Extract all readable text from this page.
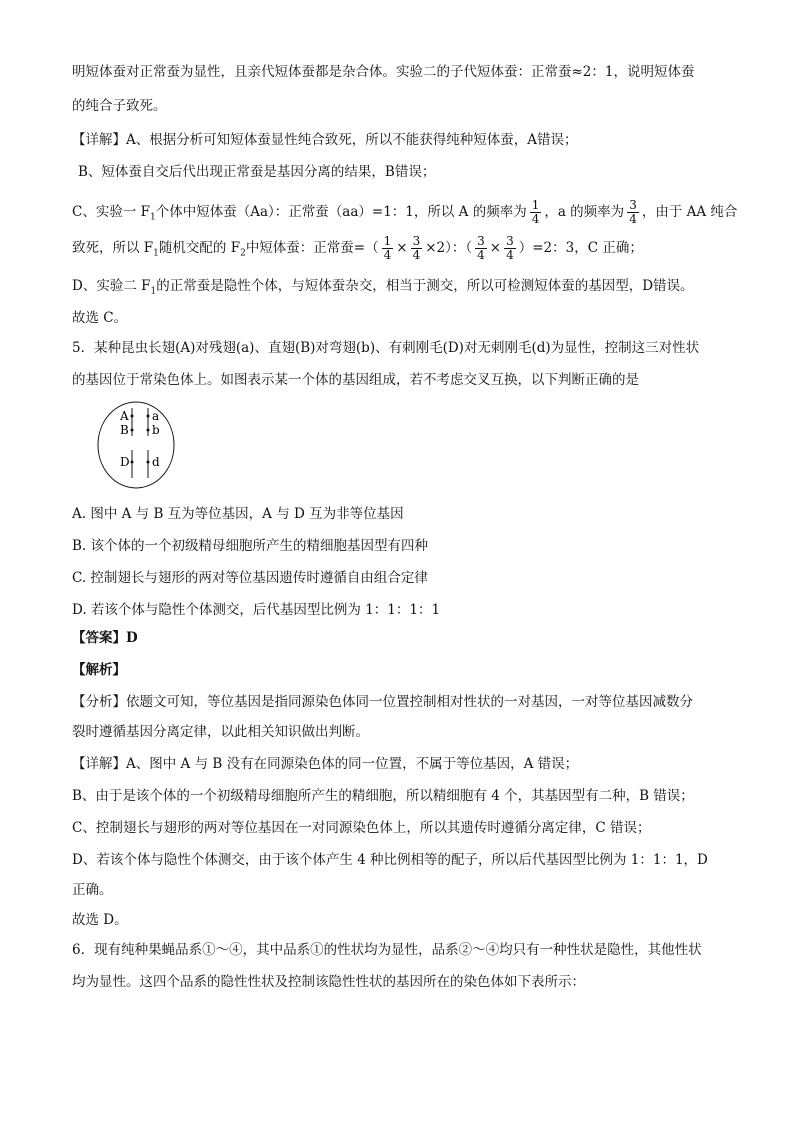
明短体蚕对正常蚕为显性，且亲代短体蚕都是杂合体。实验二的子代短体蚕：正常蚕≈2：1，说明短体蚕
的纯合子致死。
【详解】A、根据分析可知短体蚕显性纯合致死，所以不能获得纯种短体蚕，A错误；
B、短体蚕自交后代出现正常蚕是基因分离的结果，B错误；
C、实验一 $F_1$个体中短体蚕（Aa）：正常蚕（aa）=1：1，所以 A 的频率为 $\frac{1}{4}$ ，a 的频率为 $\frac{3}{4}$ ，由于 AA 纯合
致死，所以 $F_1$随机交配的 $F_2$中短体蚕：正常蚕=（ $\frac{1}{4} \times \frac{3}{4} \times 2$）：（ $\frac{3}{4} \times \frac{3}{4} )=2$：3，C 正确；
D、实验二 $F_1$的正常蚕是隐性个体，与短体蚕杂交，相当于测交，所以可检测短体蚕的基因型，D错误。
故选 C。
5．某种昆虫长翅(A)对残翅(a)、直翅(B)对弯翅(b)、有刺刚毛(D)对无刺刚毛(d)为显性，控制这三对性状
的基因位于常染色体上。如图表示某一个体的基因组成，若不考虑交叉互换，以下判断正确的是
A
B
D
a
b
d
A. 图中 A 与 B 互为等位基因，A 与 D 互为非等位基因
B. 该个体的一个初级精母细胞所产生的精细胞基因型有四种
C. 控制翅长与翅形的两对等位基因遗传时遵循自由组合定律
D. 若该个体与隐性个体测交，后代基因型比例为 1：1：1：1
【答案】D
【解析】
【分析】依题文可知，等位基因是指同源染色体同一位置控制相对性状的一对基因，一对等位基因减数分
裂时遵循基因分离定律，以此相关知识做出判断。
【详解】A、图中 A 与 B 没有在同源染色体的同一位置，不属于等位基因，A 错误；
B、由于是该个体的一个初级精母细胞所产生的精细胞，所以精细胞有 4 个，其基因型有二种，B 错误；
C、控制翅长与翅形的两对等位基因在一对同源染色体上，所以其遗传时遵循分离定律，C 错误；
D、若该个体与隐性个体测交，由于该个体产生 4 种比例相等的配子，所以后代基因型比例为 1：1：1，D
正确。
故选 D。
6．现有纯种果蝇品系①～④，其中品系①的性状均为显性，品系②～④均只有一种性状是隐性，其他性状
均为显性。这四个品系的隐性性状及控制该隐性性状的基因所在的染色体如下表所示：
